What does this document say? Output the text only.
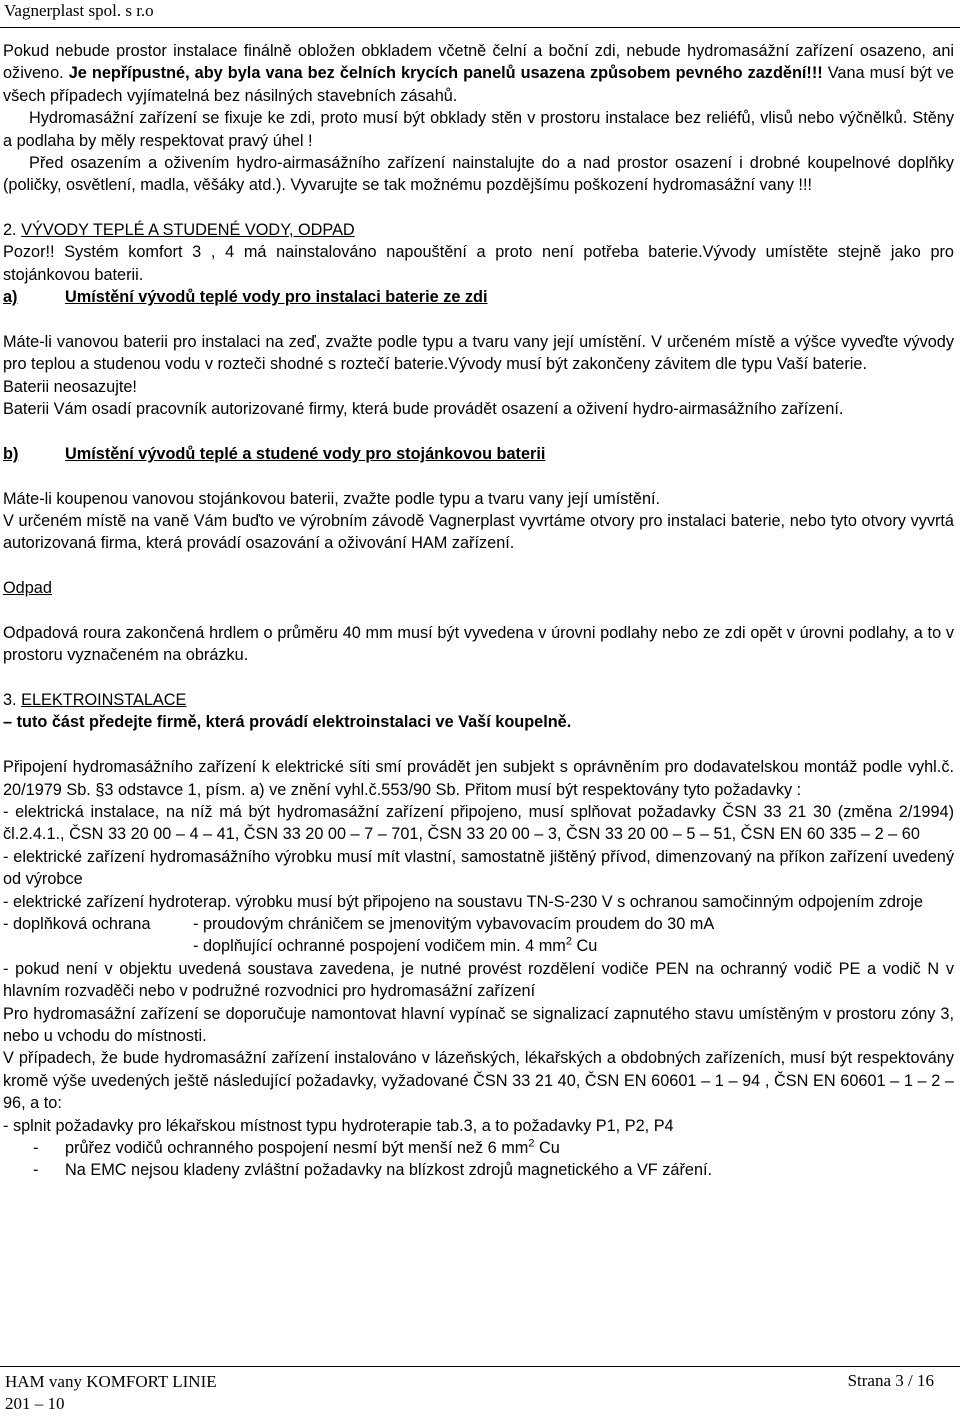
Vagnerplast spol. s r.o

Pokud nebude prostor instalace finálně obložen obkladem včetně čelní a boční zdi, nebude hydromasážní zařízení osazeno, ani oživeno. Je nepřípustné, aby byla vana bez čelních krycích panelů usazena způsobem pevného zazdění!!! Vana musí být ve všech případech vyjímatelná bez násilných stavebních zásahů.

Hydromasážní zařízení se fixuje ke zdi, proto musí být obklady stěn v prostoru instalace bez reliéfů, vlisů nebo výčnělků. Stěny a podlaha by měly respektovat pravý úhel !

Před osazením a oživením hydro-airmasážního zařízení nainstalujte do a nad prostor osazení i drobné koupelnové doplňky (poličky, osvětlení, madla, věšáky atd.). Vyvarujte se tak možnému pozdějšímu poškození hydromasážní vany !!!

2. VÝVODY TEPLÉ A STUDENÉ VODY, ODPAD

Pozor!! Systém komfort 3 , 4 má nainstalováno napouštění a proto není potřeba baterie.Vývody umístěte stejně jako pro stojánkovou baterii.

a)	Umístění vývodů teplé vody pro instalaci baterie ze zdi

Máte-li vanovou baterii pro instalaci na zeď, zvažte podle typu a tvaru vany její umístění. V určeném místě a výšce vyveďte vývody pro teplou a studenou vodu v rozteči shodné s roztečí baterie.Vývody musí být zakončeny závitem dle typu Vaší baterie.

Baterii neosazujte!

Baterii Vám osadí pracovník autorizované firmy, která bude provádět osazení a oživení hydro-airmasážního zařízení.

b)	Umístění vývodů teplé a studené vody pro stojánkovou baterii

Máte-li koupenou vanovou stojánkovou baterii, zvažte podle typu a tvaru vany její umístění.

V určeném místě na vaně Vám buďto ve výrobním závodě Vagnerplast vyvrtáme otvory pro instalaci baterie, nebo tyto otvory vyvrtá autorizovaná firma, která provádí osazování a oživování HAM zařízení.

Odpad

Odpadová roura zakončená hrdlem o průměru 40 mm musí být vyvedena v úrovni podlahy nebo ze zdi opět v úrovni podlahy, a to v prostoru vyznačeném na obrázku.

3. ELEKTROINSTALACE

– tuto část předejte firmě, která provádí elektroinstalaci ve Vaší koupelně.

Připojení hydromasážního zařízení k elektrické síti smí provádět jen subjekt s oprávněním pro dodavatelskou montáž podle vyhl.č. 20/1979 Sb. §3 odstavce 1, písm. a) ve znění vyhl.č.553/90 Sb. Přitom musí být respektovány tyto požadavky :

- elektrická instalace, na níž má být hydromasážní zařízení připojeno, musí splňovat požadavky ČSN 33 21 30 (změna 2/1994) čl.2.4.1., ČSN 33 20 00 – 4 – 41, ČSN 33 20 00 – 7 – 701, ČSN 33 20 00 – 3, ČSN 33 20 00 – 5 – 51, ČSN EN 60 335 – 2 – 60

- elektrické zařízení hydromasážního výrobku musí mít vlastní, samostatně jištěný přívod, dimenzovaný na příkon zařízení uvedený od výrobce

- elektrické zařízení hydroterap. výrobku musí být připojeno na soustavu TN-S-230 V s ochranou samočinným odpojením zdroje

- doplňková ochrana	- proudovým chráničem se jmenovitým vybavovacím proudem do 30 mA
- doplňující ochranné pospojení vodičem min. 4 $mm^2$ Cu

- pokud není v objektu uvedená soustava zavedena, je nutné provést rozdělení vodiče PEN na ochranný vodič PE a vodič N v hlavním rozvaděči nebo v podružné rozvodnici pro hydromasážní zařízení

Pro hydromasážní zařízení se doporučuje namontovat hlavní vypínač se signalizací zapnutého stavu umístěným v prostoru zóny 3, nebo u vchodu do místnosti.

V případech, že bude hydromasážní zařízení instalováno v lázeňských, lékařských a obdobných zařízeních, musí být respektovány kromě výše uvedených ještě následující požadavky, vyžadované ČSN 33 21 40, ČSN EN 60601 – 1 – 94 , ČSN EN 60601 – 1 – 2 – 96, a to:

- splnit požadavky pro lékařskou místnost typu hydroterapie tab.3, a to požadavky P1, P2, P4

-	průřez vodičů ochranného pospojení nesmí být menší než 6 $mm^2$ Cu
-	Na EMC nejsou kladeny zvláštní požadavky na blízkost zdrojů magnetického a VF záření.
HAM vany KOMFORT LINIE
201 – 10
Strana 3 / 16
